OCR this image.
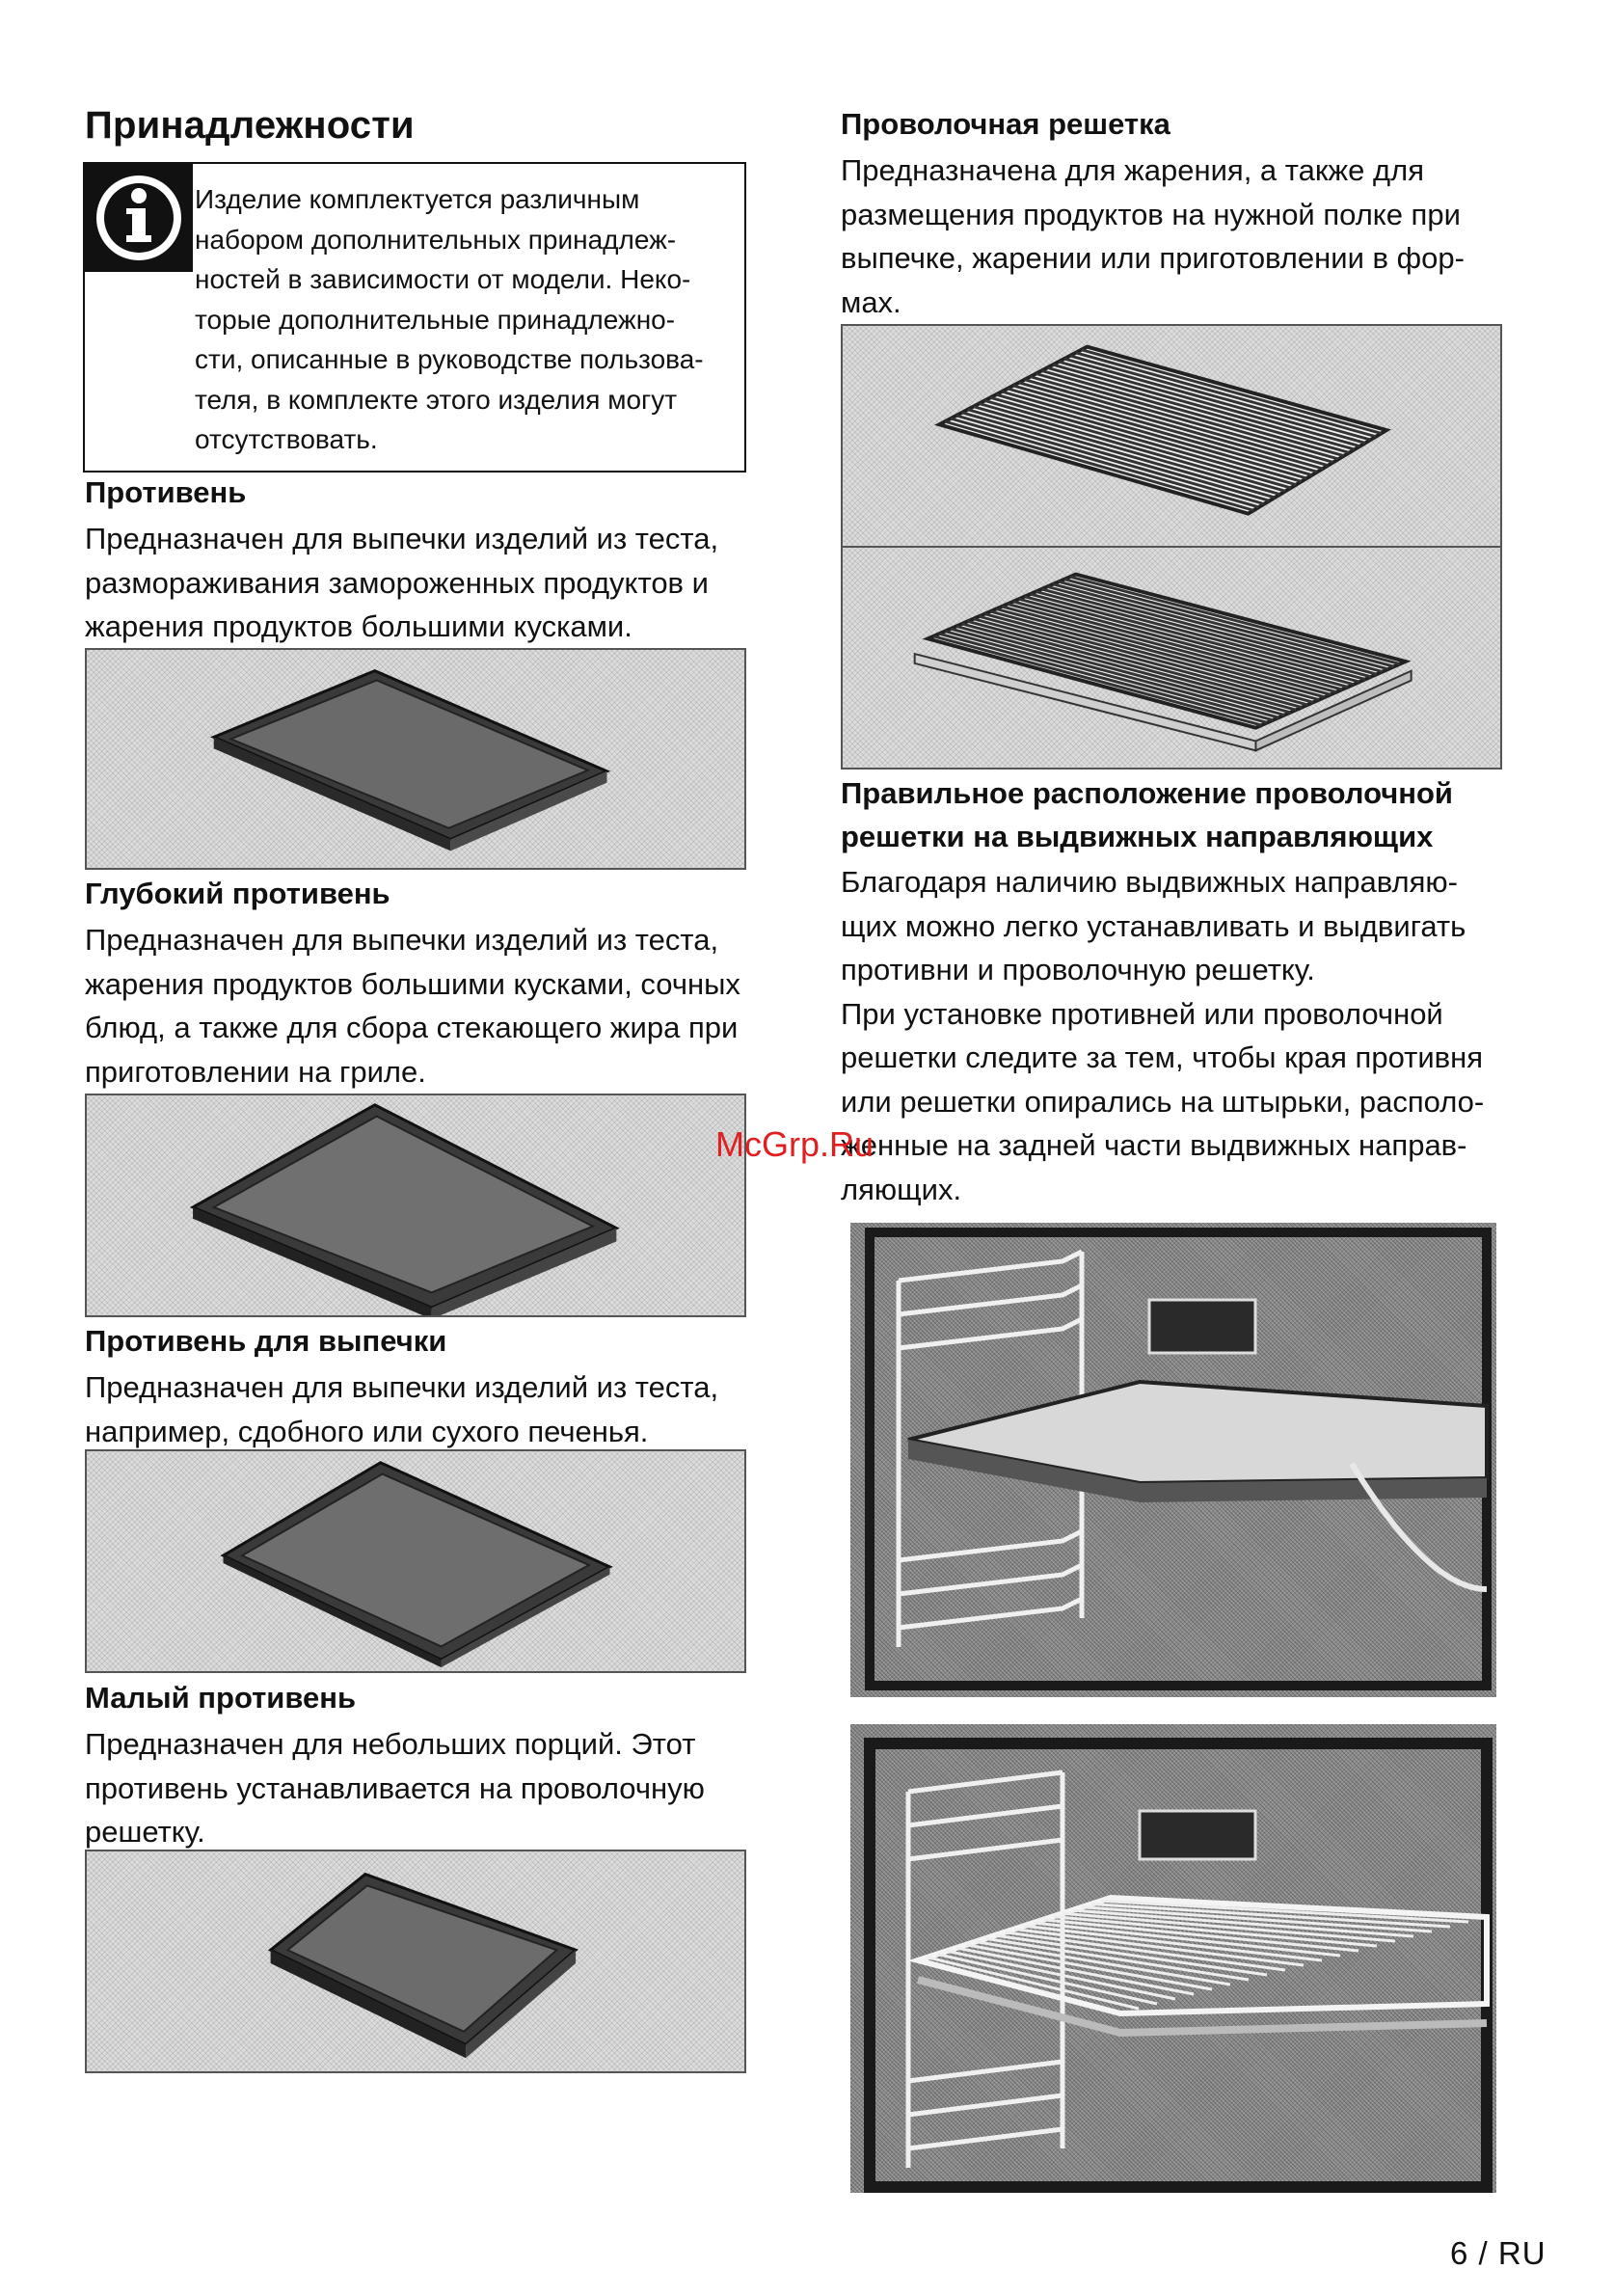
Принадлежности
Изделие комплектуется различным
набором дополнительных принадлеж-
ностей в зависимости от модели. Неко-
торые дополнительные принадлежно-
сти, описанные в руководстве пользова-
теля, в комплекте этого изделия могут
отсутствовать.
Противень
Предназначен для выпечки изделий из теста,
размораживания замороженных продуктов и
жарения продуктов большими кусками.
Глубокий противень
Предназначен для выпечки изделий из теста,
жарения продуктов большими кусками, сочных
блюд, а также для сбора стекающего жира при
приготовлении на гриле.
Противень для выпечки
Предназначен для выпечки изделий из теста,
например, сдобного или сухого печенья.
Малый противень
Предназначен для небольших порций. Этот
противень устанавливается на проволочную
решетку.
Проволочная решетка
Предназначена для жарения, а также для
размещения продуктов на нужной полке при
выпечке, жарении или приготовлении в фор-
мах.
Правильное расположение проволочной
решетки на выдвижных направляющих
Благодаря наличию выдвижных направляю-
щих можно легко устанавливать и выдвигать
противни и проволочную решетку.
При установке противней или проволочной
решетки следите за тем, чтобы края противня
или решетки опирались на штырьки, располо-
женные на задней части выдвижных направ-
ляющих.
McGrp.Ru
6 / RU
